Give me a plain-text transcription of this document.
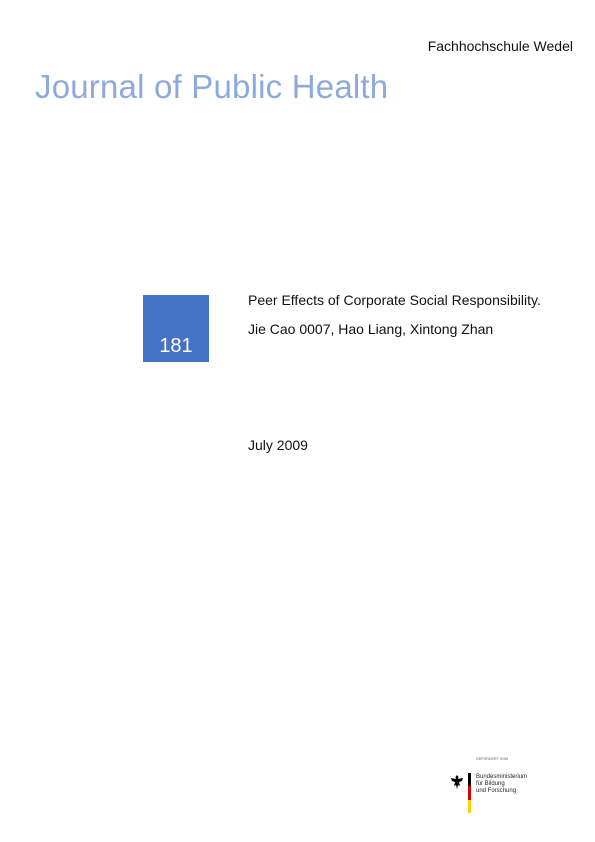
Fachhochschule Wedel
Journal of Public Health
181
Peer Effects of Corporate Social Responsibility.
Jie Cao 0007, Hao Liang, Xintong Zhan
July 2009
GEFÖRDERT VOM
Bundesministerium
für Bildung
und Forschung
